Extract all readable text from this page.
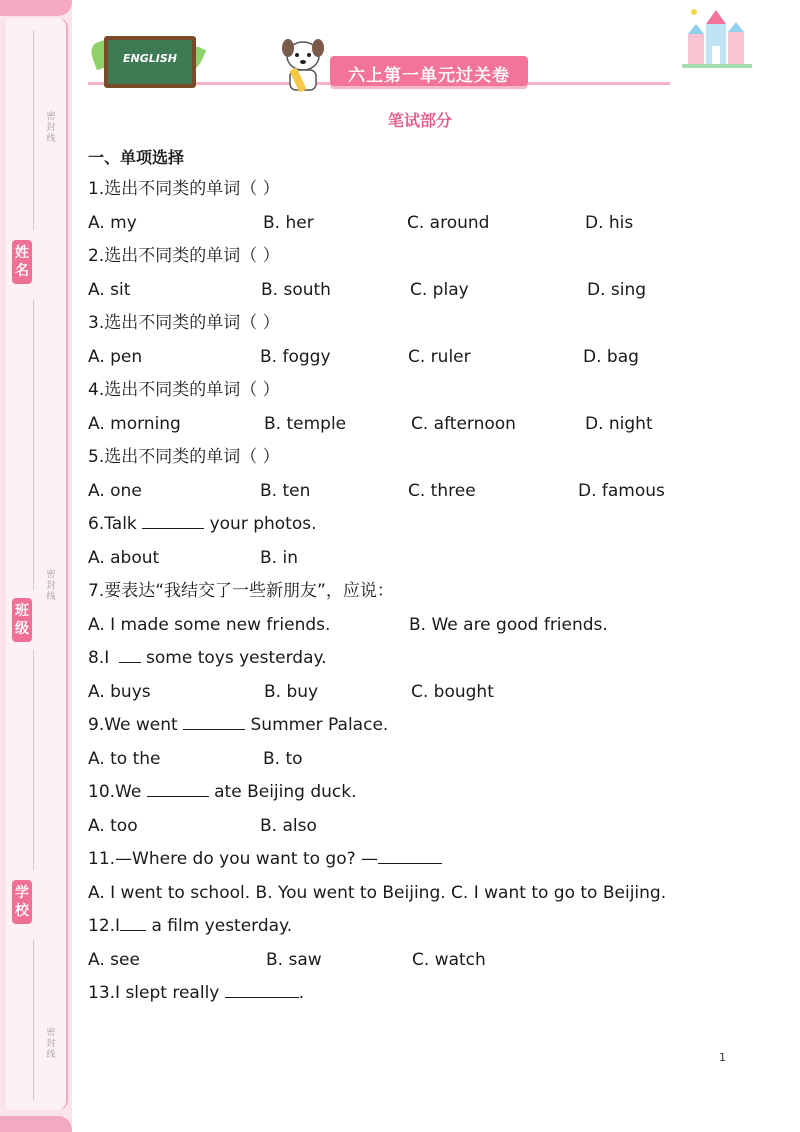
密封线
密封线
密封线
姓名
班级
学校
ENGLISH
六上第一单元过关卷
笔试部分
一、单项选择
1.选出不同类的单词（ ）
A. my	B. her	C. around	D. his
2.选出不同类的单词（ ）
A. sit	B. south	C. play	D. sing
3.选出不同类的单词（ ）
A. pen	B. foggy	C. ruler	D. bag
4.选出不同类的单词（ ）
A. morning	B. temple	C. afternoon	D. night
5.选出不同类的单词（ ）
A. one	B. ten	C. three	D. famous
6.Talk	your photos.
A. about	B. in
7.要表达“我结交了一些新朋友”，应说：
A. I made some new friends.	B. We are good friends.
8.I  some toys yesterday.
A. buys	B. buy	C. bought
9.We went	Summer Palace.
A. to the	B. to
10.We	ate Beijing duck.
A. too	B. also
11.—Where do you want to go? —
A. I went to school. B. You went to Beijing. C. I want to go to Beijing.
12.I a film yesterday.
A. see	B. saw	C. watch
13.I slept really	.
1
